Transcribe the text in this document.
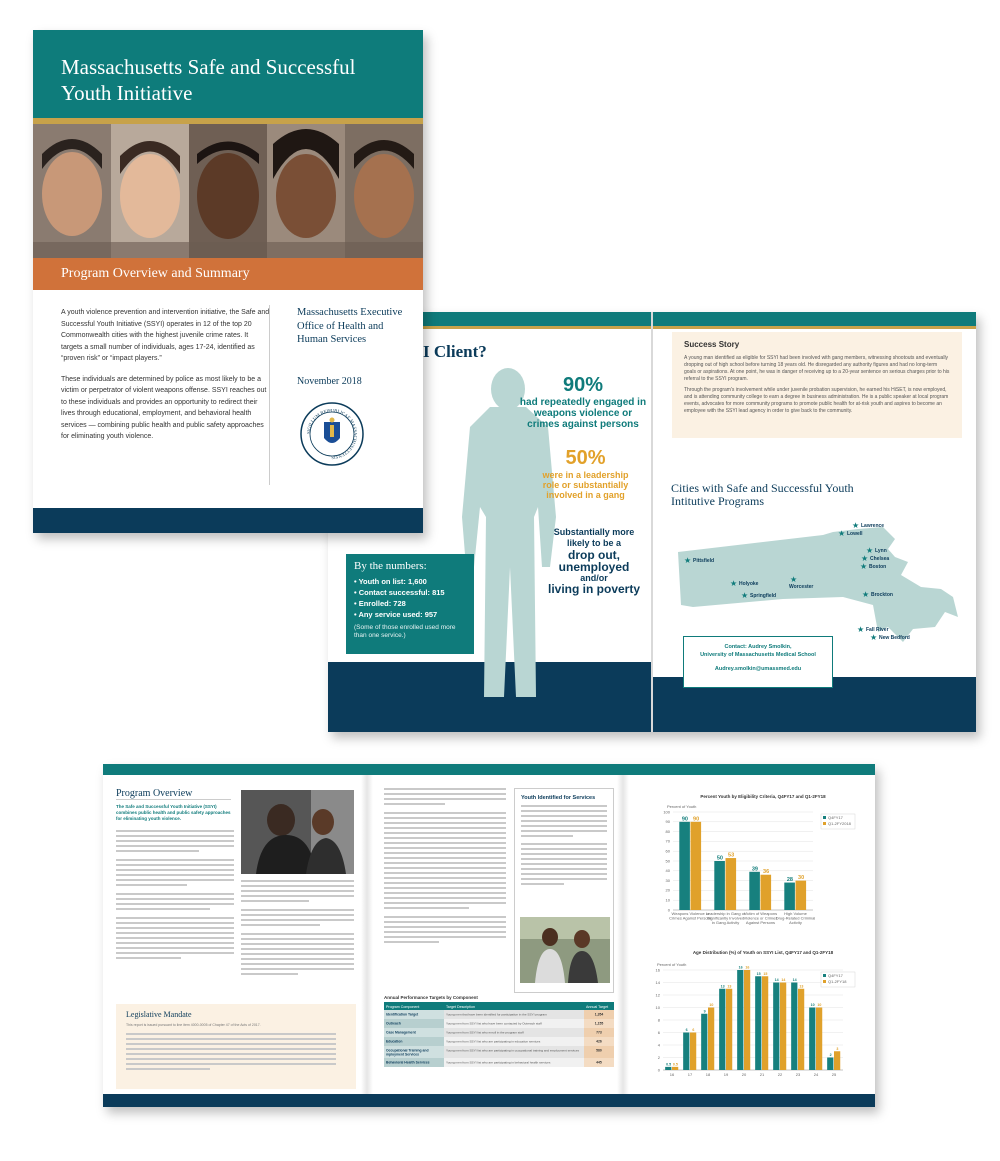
I Client?
90%
had repeatedly engaged in weapons violence or crimes against persons
50%
were in a leadership role or substantially involved in a gang
Substantially more likely to be a
drop out, unemployed
and/or
living in poverty
By the numbers:
• Youth on list: 1,600
• Contact successful: 815
• Enrolled: 728
• Any service used: 957
(Some of those enrolled used more than one service.)
Success Story

A young man identified as eligible for SSYI had been involved with gang members, witnessing shootouts and eventually dropping out of high school before turning 18 years old. He disregarded any authority figures and had no long-term goals or aspirations. At one point, he was in danger of receiving up to a 20-year sentence on serious charges prior to his referral to the SSYI program.

Through the program's involvement while under juvenile probation supervision, he earned his HiSET, is now employed, and is attending community college to earn a degree in business administration. He is a public speaker at local program events, advocates for more community programs to promote public health for at-risk youth and aspires to become an employee with the SSYI lead agency in order to give back to the community.

Cities with Safe and Successful Youth Intitutive Programs
★ Lawrence
★ Lowell
★ Lynn
★ Chelsea
★ Boston
★ Pittsfield
★ Holyoke	★
Worcester
★ Springfield	★ Brockton
★ Fall River
★ New Bedford

Contact: Audrey Smolkin,

University of Massachusetts Medical School

Audrey.smolkin@umassmed.edu

Massachusetts Safe and Successful Youth Initiative
Program Overview and Summary

A youth violence prevention and intervention initiative, the Safe and Successful Youth Initiative (SSYI) operates in 12 of the top 20 Commonwealth cities with the highest juvenile crime rates. It targets a small number of individuals, ages 17-24, identified as “proven risk” or “impact players.”

These individuals are determined by police as most likely to be a victim or perpetrator of violent weapons offense. SSYI reaches out to these individuals and provides an opportunity to redirect their lives through educational, employment, and behavioral health services — combining public health and public safety approaches for eliminating youth violence.

Massachusetts Executive Office of Health and Human Services
November 2018
SIGILLUM REIPUBLICAE MASSACHUSETTENSIS
Program Overview
The Safe and Successful Youth Initiative (SSYI) combines public health and public safety approaches for eliminating youth violence.
Legislative Mandate

This report is issued pursuant to line item 4000-0005 of Chapter 47 of the Acts of 2017.

Youth Identified for Services
Annual Performance Targets by Component
Program Component	Target Description	Annual Target
Identification Target	Young men that have been identified for participation in the SSYI program	1,354
Outreach	Young men from SSYI list who have been contacted by Outreach staff	1,155
Case Management	Young men from SSYI list who enroll in the program staff	773
Education	Young men from SSYI list who are participating in education services	426
Occupational Training and
mployment Services
Young men from SSYI list who are participating in occupational training and employment services	580
Behavioral Health Services	Young men from SSYI list who are participating in behavioral health services	445
Percent Youth by Eligibility Criteria, Q4FY17 and Q1-2FY18
Percent of Youth
0
10
20
30
40
50
60
70
80
90
100
90 90
Weapons Violence or
Crimes Against Persons
50 53
Leadership in Gang or
Significantly Involved
in Gang Activity
39 36
Victim of Weapons
Violence or Crimes
Against Persons
28 30
High Volume
Drug-Related Criminal
Activity
Q4FY17
Q1-2FY2018
Age Distribution (%) of Youth on SSYI List, Q4FY17 and Q1-2FY18
Percent of Youth
0
2
4
6
8
10
12
14
16
0.5 0.5
16
6 6
17
9
10
18
13 13
19
16 16
20
15 15
21
14 14
22
14
13
23
10 10
24
2
3
25
Q4FY17
Q1-2FY18
